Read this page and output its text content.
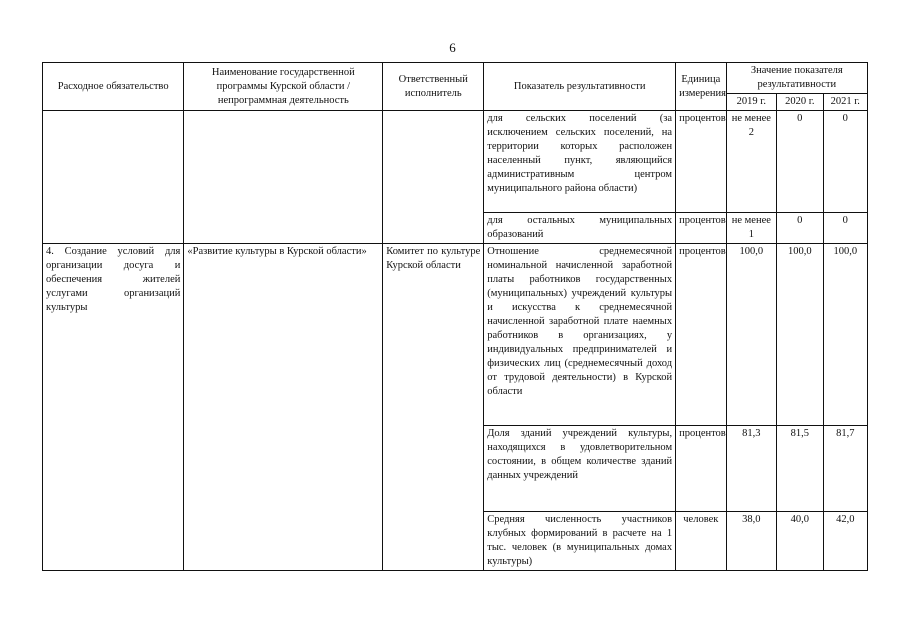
6
Расходное обязательство	Наименование государственной программы Курской области / непрограммная деятельность	Ответственный исполнитель	Показатель результативности	Единица измерения	Значение показателя результативности		
					2019 г.	2020 г.	2021 г.
			для сельских поселений (за исключением сельских поселений, на территории которых расположен населенный пункт, являющийся административным центром муниципального района области)	процентов	не менее 2	0	0
			для остальных муниципальных образований	процентов	не менее 1	0	0
4. Создание условий для организации досуга и обеспечения жителей услугами организаций культуры	«Развитие культуры в Курской области»	Комитет по культуре Курской области	Отношение среднемесячной номинальной начисленной заработной платы работников государственных (муниципальных) учреждений культуры и искусства к среднемесячной начисленной заработной плате наемных работников в организациях, у индивидуальных предпринимателей и физических лиц (среднемесячный доход от трудовой деятельности) в Курской области	процентов	100,0	100,0	100,0
			Доля зданий учреждений культуры, находящихся в удовлетворительном состоянии, в общем количестве зданий данных учреждений	процентов	81,3	81,5	81,7
			Средняя численность участников клубных формирований в расчете на 1 тыс. человек (в муниципальных домах культуры)	человек	38,0	40,0	42,0
